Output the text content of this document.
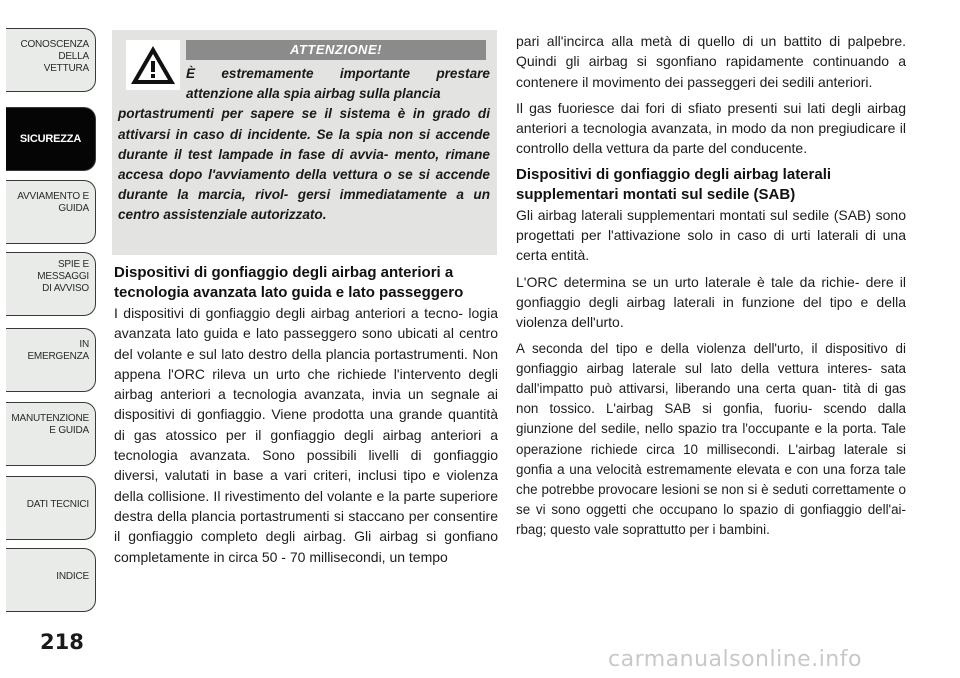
CONOSCENZA DELLA
VETTURA
SICUREZZA
AVVIAMENTO E
GUIDA
SPIE E
MESSAGGI
DI AVVISO
IN
EMERGENZA
MANUTENZIONE
E GUIDA
DATI TECNICI
INDICE
218
ATTENZIONE!
È estremamente importante prestare attenzione alla spia airbag sulla plancia
portastrumenti per sapere se il sistema è in grado di attivarsi in caso di incidente. Se la spia non si accende durante il test lampade in fase di avvia- mento, rimane accesa dopo l'avviamento della vettura o se si accende durante la marcia, rivol- gersi immediatamente a un centro assistenziale autorizzato.
Dispositivi di gonfiaggio degli airbag anteriori a tecnologia avanzata lato guida e lato passeggero
I dispositivi di gonfiaggio degli airbag anteriori a tecno- logia avanzata lato guida e lato passeggero sono ubicati al centro del volante e sul lato destro della plancia portastrumenti. Non appena l'ORC rileva un urto che richiede l'intervento degli airbag anteriori a tecnologia avanzata, invia un segnale ai dispositivi di gonfiaggio. Viene prodotta una grande quantità di gas atossico per il gonfiaggio degli airbag anteriori a tecnologia avanzata. Sono possibili livelli di gonfiaggio diversi, valutati in base a vari criteri, inclusi tipo e violenza della collisione. Il rivestimento del volante e la parte superiore destra della plancia portastrumenti si staccano per consentire il gonfiaggio completo degli airbag. Gli airbag si gonfiano completamente in circa 50 - 70 millisecondi, un tempo
pari all'incirca alla metà di quello di un battito di palpebre. Quindi gli airbag si sgonfiano rapidamente continuando a contenere il movimento dei passeggeri dei sedili anteriori.
Il gas fuoriesce dai fori di sfiato presenti sui lati degli airbag anteriori a tecnologia avanzata, in modo da non pregiudicare il controllo della vettura da parte del conducente.
Dispositivi di gonfiaggio degli airbag laterali supplementari montati sul sedile (SAB)
Gli airbag laterali supplementari montati sul sedile (SAB) sono progettati per l'attivazione solo in caso di urti laterali di una certa entità.
L'ORC determina se un urto laterale è tale da richie- dere il gonfiaggio degli airbag laterali in funzione del tipo e della violenza dell'urto.
A seconda del tipo e della violenza dell'urto, il dispositivo di gonfiaggio airbag laterale sul lato della vettura interes- sata dall'impatto può attivarsi, liberando una certa quan- tità di gas non tossico. L'airbag SAB si gonfia, fuoriu- scendo dalla giunzione del sedile, nello spazio tra l'occupante e la porta. Tale operazione richiede circa 10 millisecondi. L'airbag laterale si gonfia a una velocità estremamente elevata e con una forza tale che potrebbe provocare lesioni se non si è seduti correttamente o se vi sono oggetti che occupano lo spazio di gonfiaggio dell'ai- rbag; questo vale soprattutto per i bambini.
carmanualsonline.info
